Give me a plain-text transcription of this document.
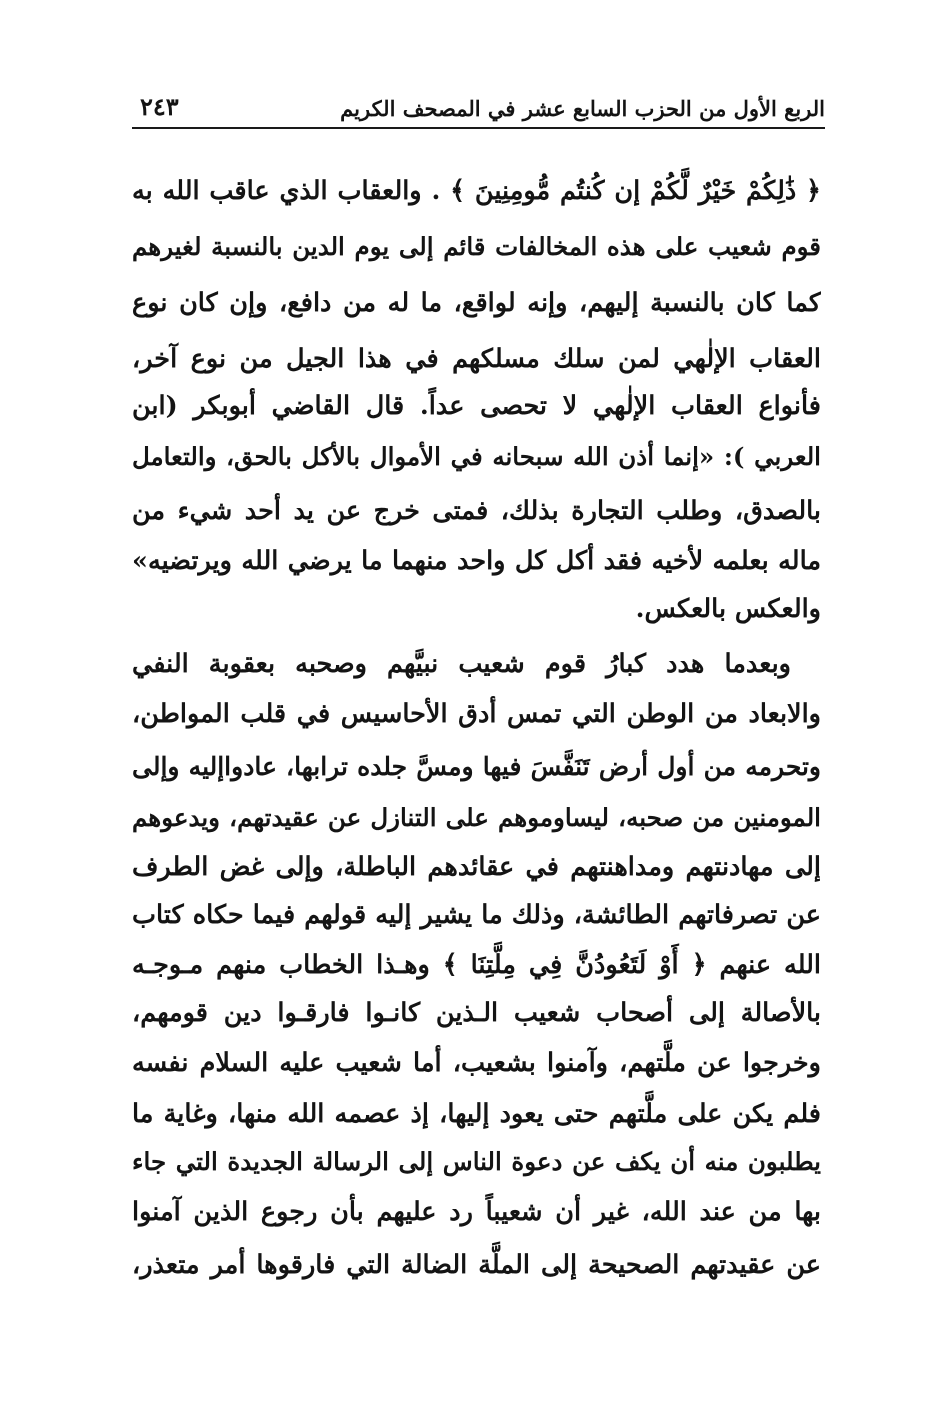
الربع الأول من الحزب السابع عشر في المصحف الكريم
٢٤٣
﴿ ذَٰلِكُمْ خَيْرٌ لَّكُمْ إن كُنتُم مُّومِنِينَ ﴾ . والعقاب الذي عاقب الله به
قوم شعيب على هذه المخالفات قائم إلى يوم الدين بالنسبة لغيرهم
كما كان بالنسبة إليهم، وإنه لواقع، ما له من دافع، وإن كان نوع
العقاب الإلٰهي لمن سلك مسلكهم في هذا الجيل من نوع آخر،
فأنواع العقاب الإلٰهي لا تحصى عداً. قال القاضي أبوبكر (ابن
العربي ): «إنما أذن الله سبحانه في الأموال بالأكل بالحق، والتعامل
بالصدق، وطلب التجارة بذلك، فمتى خرج عن يد أحد شيء من
ماله بعلمه لأخيه فقد أكل كل واحد منهما ما يرضي الله ويرتضيه»
والعكس بالعكس.
وبعدما هدد كبارُ قوم شعيب نبيَّهم وصحبه بعقوبة النفي
والابعاد من الوطن التي تمس أدق الأحاسيس في قلب المواطن،
وتحرمه من أول أرض تَنَفَّسَ فيها ومسَّ جلده ترابها، عادواإليه وإلى
المومنين من صحبه، ليساوموهم على التنازل عن عقيدتهم، ويدعوهم
إلى مهادنتهم ومداهنتهم في عقائدهم الباطلة، وإلى غض الطرف
عن تصرفاتهم الطائشة، وذلك ما يشير إليه قولهم فيما حكاه كتاب
الله عنهم ﴿ أَوْ لَتَعُودُنَّ فِي مِلَّتِنَا ﴾ وهـذا الخطاب منهم مـوجـه
بالأصالة إلى أصحاب شعيب الـذين كانـوا فارقـوا دين قومهم،
وخرجوا عن ملَّتهم، وآمنوا بشعيب، أما شعيب عليه السلام نفسه
فلم يكن على ملَّتهم حتى يعود إليها، إذ عصمه الله منها، وغاية ما
يطلبون منه أن يكف عن دعوة الناس إلى الرسالة الجديدة التي جاء
بها من عند الله، غير أن شعيباً رد عليهم بأن رجوع الذين آمنوا
عن عقيدتهم الصحيحة إلى الملَّة الضالة التي فارقوها أمر متعذر،
